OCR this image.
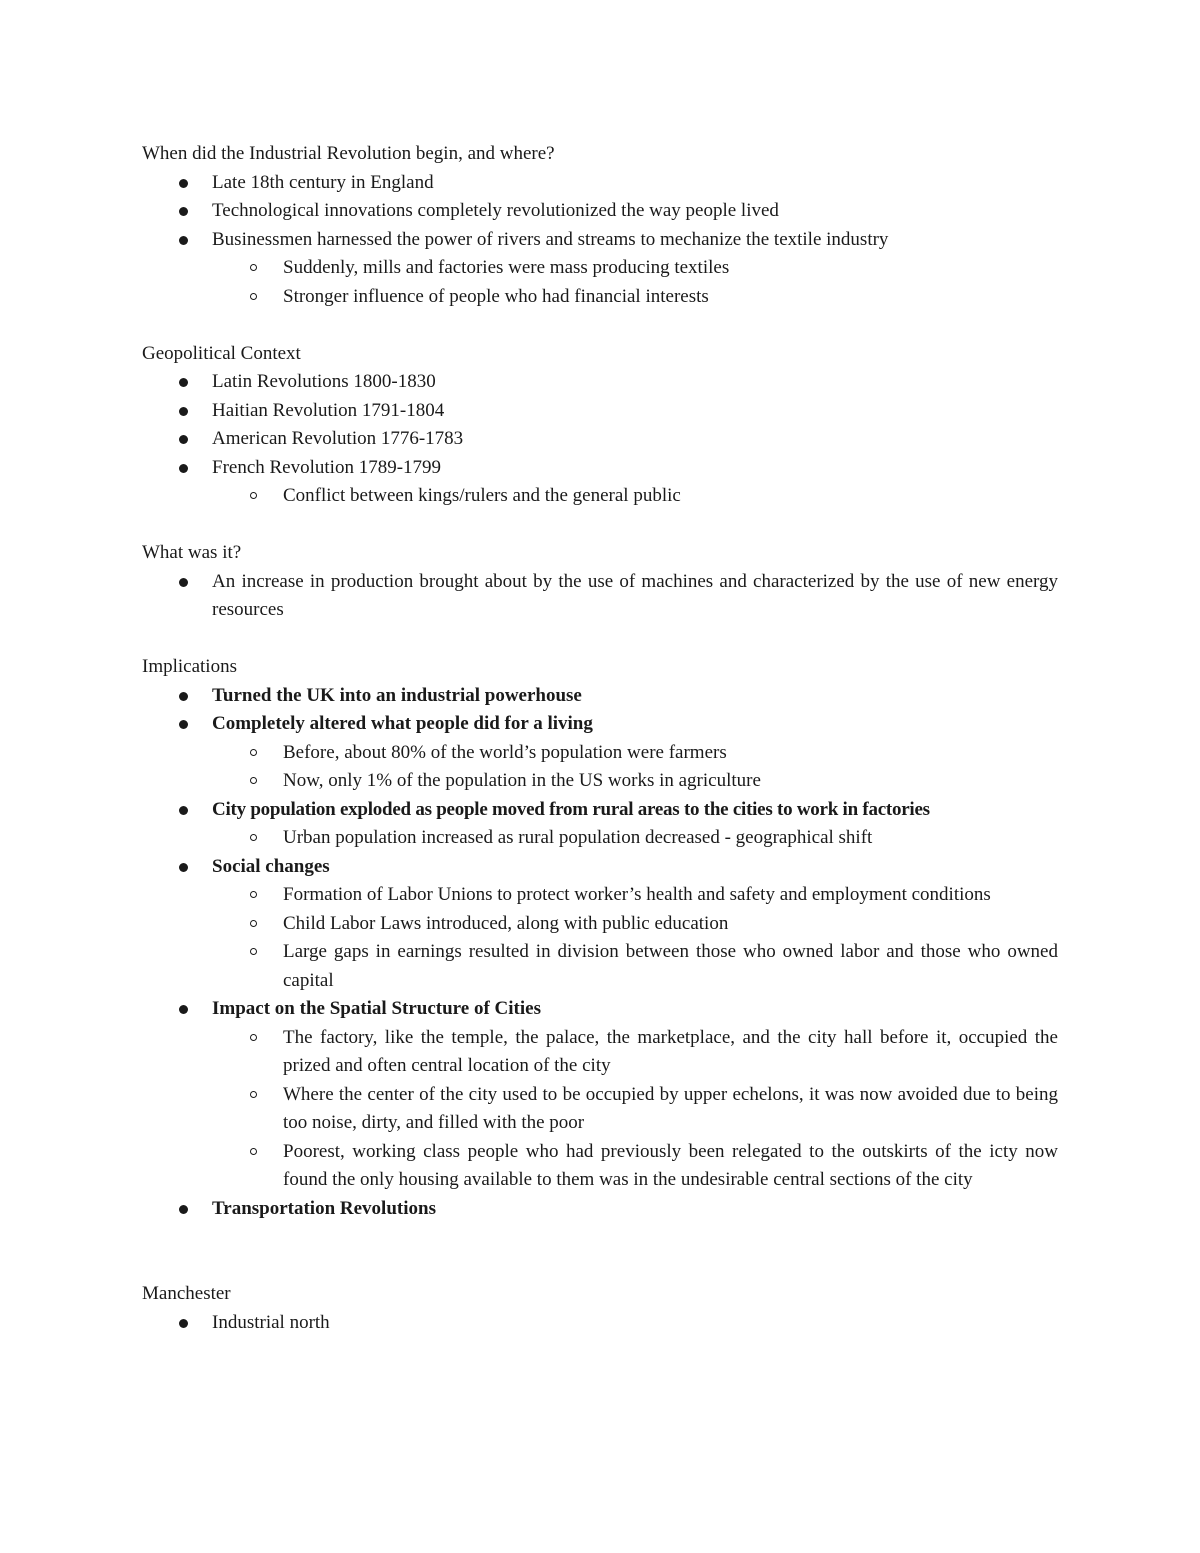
When did the Industrial Revolution begin, and where?

Late 18th century in England
Technological innovations completely revolutionized the way people lived
Businessmen harnessed the power of rivers and streams to mechanize the textile industry
Suddenly, mills and factories were mass producing textiles
Stronger influence of people who had financial interests

Geopolitical Context

Latin Revolutions 1800-1830
Haitian Revolution 1791-1804
American Revolution 1776-1783
French Revolution 1789-1799
Conflict between kings/rulers and the general public

What was it?

An increase in production brought about by the use of machines and characterized by the use of new energy resources

Implications

Turned the UK into an industrial powerhouse
Completely altered what people did for a living
Before, about 80% of the world’s population were farmers
Now, only 1% of the population in the US works in agriculture
City population exploded as people moved from rural areas to the cities to work in factories
Urban population increased as rural population decreased - geographical shift
Social changes
Formation of Labor Unions to protect worker’s health and safety and employment conditions
Child Labor Laws introduced, along with public education
Large gaps in earnings resulted in division between those who owned labor and those who owned capital
Impact on the Spatial Structure of Cities
The factory, like the temple, the palace, the marketplace, and the city hall before it, occupied the prized and often central location of the city
Where the center of the city used to be occupied by upper echelons, it was now avoided due to being too noise, dirty, and filled with the poor
Poorest, working class people who had previously been relegated to the outskirts of the icty now found the only housing available to them was in the undesirable central sections of the city
Transportation Revolutions

Manchester

Industrial north
